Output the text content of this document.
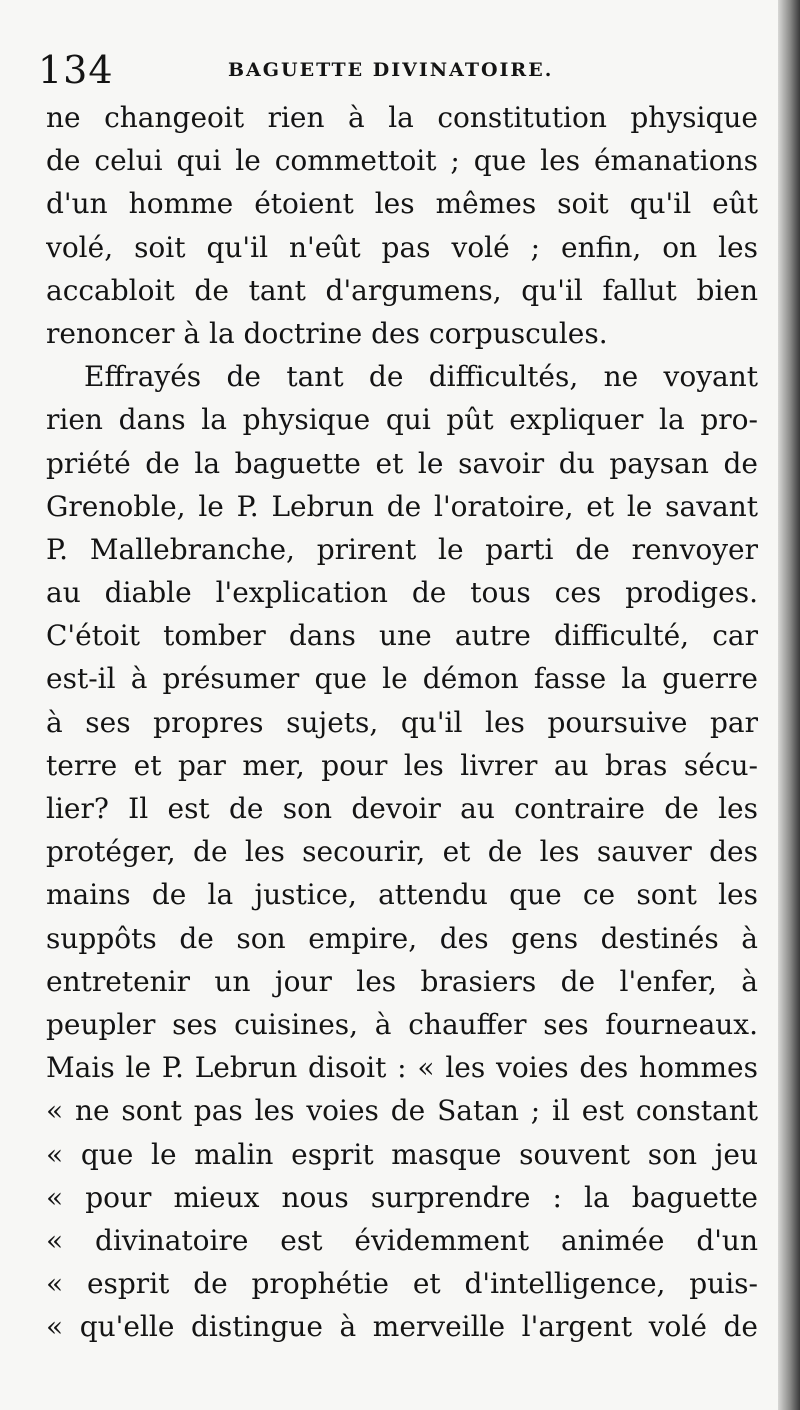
134	BAGUETTE DIVINATOIRE.
ne changeoit rien à la constitution physique
de celui qui le commettoit ; que les émanations
d'un homme étoient les mêmes soit qu'il eût
volé, soit qu'il n'eût pas volé ; enfin, on les
accabloit de tant d'argumens, qu'il fallut bien
renoncer à la doctrine des corpuscules.
Effrayés de tant de difficultés, ne voyant
rien dans la physique qui pût expliquer la pro-
priété de la baguette et le savoir du paysan de
Grenoble, le P. Lebrun de l'oratoire, et le savant
P. Mallebranche, prirent le parti de renvoyer
au diable l'explication de tous ces prodiges.
C'étoit tomber dans une autre difficulté, car
est-il à présumer que le démon fasse la guerre
à ses propres sujets, qu'il les poursuive par
terre et par mer, pour les livrer au bras sécu-
lier? Il est de son devoir au contraire de les
protéger, de les secourir, et de les sauver des
mains de la justice, attendu que ce sont les
suppôts de son empire, des gens destinés à
entretenir un jour les brasiers de l'enfer, à
peupler ses cuisines, à chauffer ses fourneaux.
Mais le P. Lebrun disoit : « les voies des hommes
« ne sont pas les voies de Satan ; il est constant
« que le malin esprit masque souvent son jeu
« pour mieux nous surprendre : la baguette
« divinatoire est évidemment animée d'un
« esprit de prophétie et d'intelligence, puis-
« qu'elle distingue à merveille l'argent volé de
